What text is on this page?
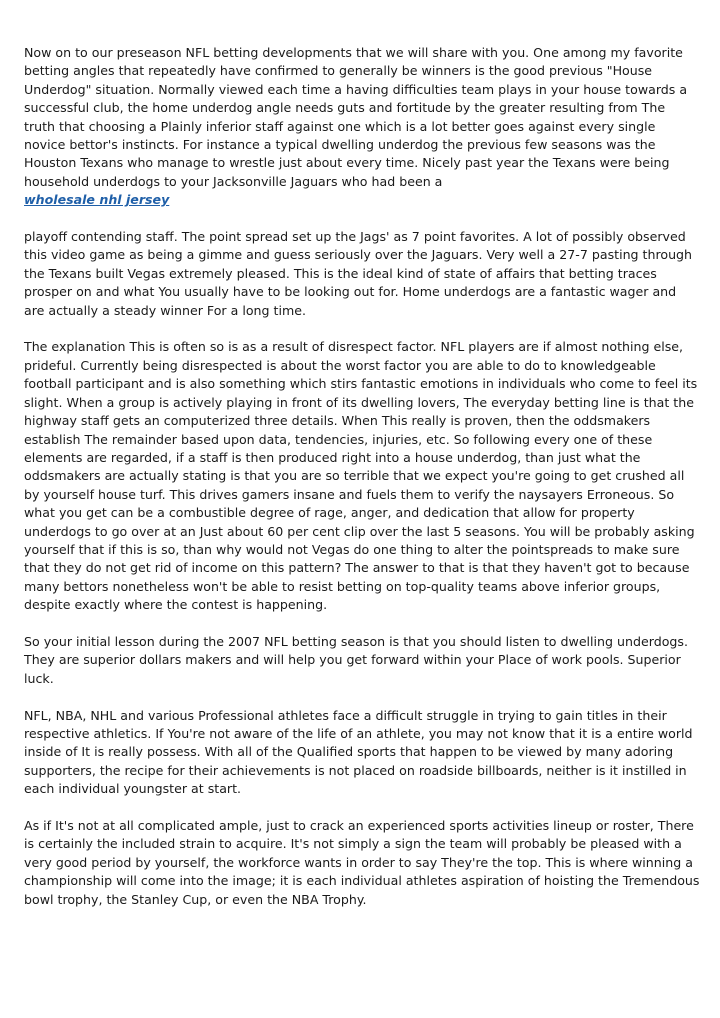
Now on to our preseason NFL betting developments that we will share with you. One among my favorite betting angles that repeatedly have confirmed to generally be winners is the good previous "House Underdog" situation. Normally viewed each time a having difficulties team plays in your house towards a successful club, the home underdog angle needs guts and fortitude by the greater resulting from The truth that choosing a Plainly inferior staff against one which is a lot better goes against every single novice bettor's instincts. For instance a typical dwelling underdog the previous few seasons was the Houston Texans who manage to wrestle just about every time. Nicely past year the Texans were being household underdogs to your Jacksonville Jaguars who had been a
wholesale nhl jersey

playoff contending staff. The point spread set up the Jags' as 7 point favorites. A lot of possibly observed this video game as being a gimme and guess seriously over the Jaguars. Very well a 27-7 pasting through the Texans built Vegas extremely pleased. This is the ideal kind of state of affairs that betting traces prosper on and what You usually have to be looking out for. Home underdogs are a fantastic wager and are actually a steady winner For a long time.

The explanation This is often so is as a result of disrespect factor. NFL players are if almost nothing else, prideful. Currently being disrespected is about the worst factor you are able to do to knowledgeable football participant and is also something which stirs fantastic emotions in individuals who come to feel its slight. When a group is actively playing in front of its dwelling lovers, The everyday betting line is that the highway staff gets an computerized three details. When This really is proven, then the oddsmakers establish The remainder based upon data, tendencies, injuries, etc. So following every one of these elements are regarded, if a staff is then produced right into a house underdog, than just what the oddsmakers are actually stating is that you are so terrible that we expect you're going to get crushed all by yourself house turf. This drives gamers insane and fuels them to verify the naysayers Erroneous. So what you get can be a combustible degree of rage, anger, and dedication that allow for property underdogs to go over at an Just about 60 per cent clip over the last 5 seasons. You will be probably asking yourself that if this is so, than why would not Vegas do one thing to alter the pointspreads to make sure that they do not get rid of income on this pattern? The answer to that is that they haven't got to because many bettors nonetheless won't be able to resist betting on top-quality teams above inferior groups, despite exactly where the contest is happening.

So your initial lesson during the 2007 NFL betting season is that you should listen to dwelling underdogs. They are superior dollars makers and will help you get forward within your Place of work pools. Superior luck.

NFL, NBA, NHL and various Professional athletes face a difficult struggle in trying to gain titles in their respective athletics. If You're not aware of the life of an athlete, you may not know that it is a entire world inside of It is really possess. With all of the Qualified sports that happen to be viewed by many adoring supporters, the recipe for their achievements is not placed on roadside billboards, neither is it instilled in each individual youngster at start.

As if It's not at all complicated ample, just to crack an experienced sports activities lineup or roster, There is certainly the included strain to acquire. It's not simply a sign the team will probably be pleased with a very good period by yourself, the workforce wants in order to say They're the top. This is where winning a championship will come into the image; it is each individual athletes aspiration of hoisting the Tremendous bowl trophy, the Stanley Cup, or even the NBA Trophy.
